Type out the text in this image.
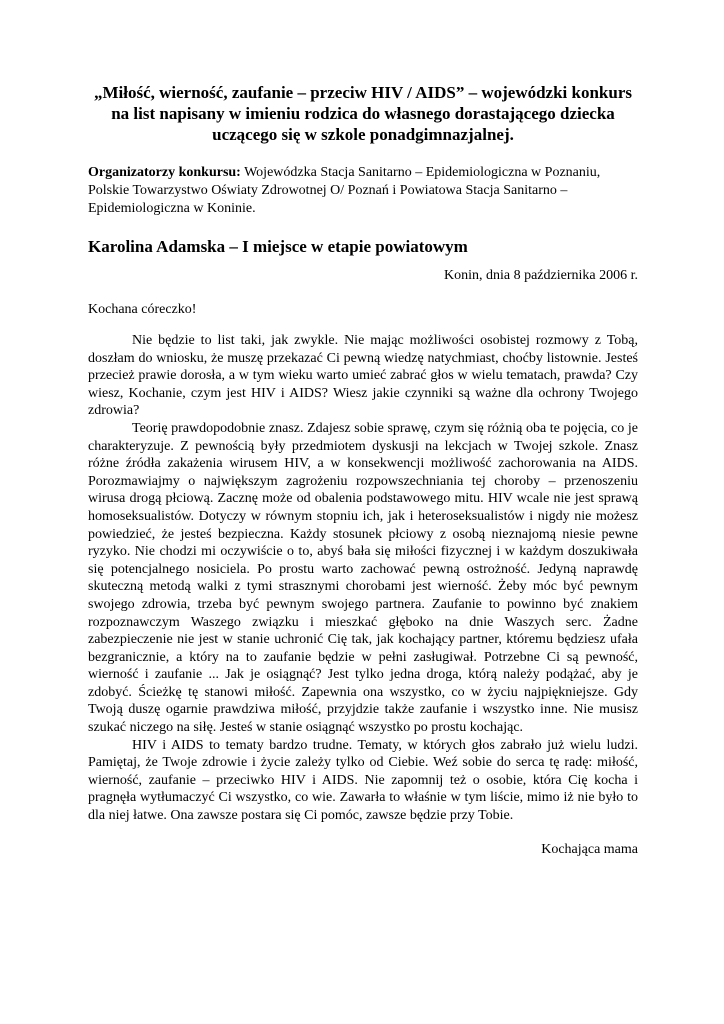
„Miłość, wierność, zaufanie – przeciw HIV / AIDS” – wojewódzki konkurs
na list napisany w imieniu rodzica do własnego dorastającego dziecka
uczącego się w szkole ponadgimnazjalnej.
Organizatorzy konkursu: Wojewódzka Stacja Sanitarno – Epidemiologiczna w Poznaniu, Polskie Towarzystwo Oświaty Zdrowotnej O/ Poznań i Powiatowa Stacja Sanitarno – Epidemiologiczna w Koninie.
Karolina Adamska – I miejsce w etapie powiatowym
Konin, dnia 8 października 2006 r.
Kochana córeczko!

Nie będzie to list taki, jak zwykle. Nie mając możliwości osobistej rozmowy z Tobą, doszłam do wniosku, że muszę przekazać Ci pewną wiedzę natychmiast, choćby listownie. Jesteś przecież prawie dorosła, a w tym wieku warto umieć zabrać głos w wielu tematach, prawda? Czy wiesz, Kochanie, czym jest HIV i AIDS? Wiesz jakie czynniki są ważne dla ochrony Twojego zdrowia?

Teorię prawdopodobnie znasz. Zdajesz sobie sprawę, czym się różnią oba te pojęcia, co je charakteryzuje. Z pewnością były przedmiotem dyskusji na lekcjach w Twojej szkole. Znasz różne źródła zakażenia wirusem HIV, a w konsekwencji możliwość zachorowania na AIDS. Porozmawiajmy o największym zagrożeniu rozpowszechniania tej choroby – przenoszeniu wirusa drogą płciową. Zacznę może od obalenia podstawowego mitu. HIV wcale nie jest sprawą homoseksualistów. Dotyczy w równym stopniu ich, jak i heteroseksualistów i nigdy nie możesz powiedzieć, że jesteś bezpieczna. Każdy stosunek płciowy z osobą nieznajomą niesie pewne ryzyko. Nie chodzi mi oczywiście o to, abyś bała się miłości fizycznej i w każdym doszukiwała się potencjalnego nosiciela. Po prostu warto zachować pewną ostrożność. Jedyną naprawdę skuteczną metodą walki z tymi strasznymi chorobami jest wierność. Żeby móc być pewnym swojego zdrowia, trzeba być pewnym swojego partnera. Zaufanie to powinno być znakiem rozpoznawczym Waszego związku i mieszkać głęboko na dnie Waszych serc. Żadne zabezpieczenie nie jest w stanie uchronić Cię tak, jak kochający partner, któremu będziesz ufała bezgranicznie, a który na to zaufanie będzie w pełni zasługiwał. Potrzebne Ci są pewność, wierność i zaufanie ... Jak je osiągnąć? Jest tylko jedna droga, którą należy podążać, aby je zdobyć. Ścieżkę tę stanowi miłość. Zapewnia ona wszystko, co w życiu najpiękniejsze. Gdy Twoją duszę ogarnie prawdziwa miłość, przyjdzie także zaufanie i wszystko inne. Nie musisz szukać niczego na siłę. Jesteś w stanie osiągnąć wszystko po prostu kochając.

HIV i AIDS to tematy bardzo trudne. Tematy, w których głos zabrało już wielu ludzi. Pamiętaj, że Twoje zdrowie i życie zależy tylko od Ciebie. Weź sobie do serca tę radę: miłość, wierność, zaufanie – przeciwko HIV i AIDS. Nie zapomnij też o osobie, która Cię kocha i pragnęła wytłumaczyć Ci wszystko, co wie. Zawarła to właśnie w tym liście, mimo iż nie było to dla niej łatwe. Ona zawsze postara się Ci pomóc, zawsze będzie przy Tobie.

Kochająca mama
